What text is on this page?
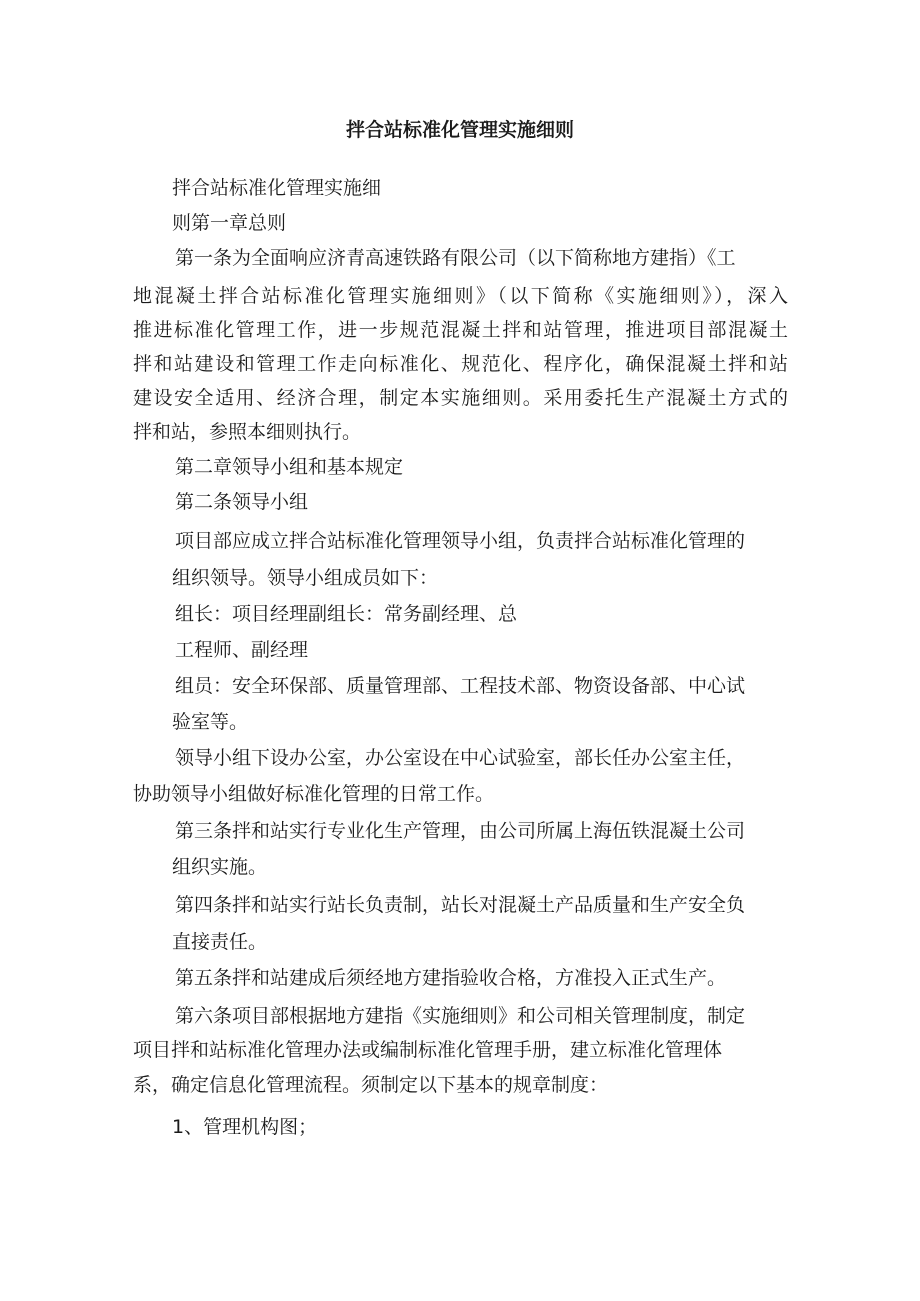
拌合站标准化管理实施细则

拌合站标准化管理实施细

则第一章总则

第一条为全面响应济青高速铁路有限公司（以下简称地方建指）《工

地混凝土拌合站标准化管理实施细则》（以下简称《实施细则》），深入

推进标准化管理工作，进一步规范混凝土拌和站管理，推进项目部混凝土

拌和站建设和管理工作走向标准化、规范化、程序化，确保混凝土拌和站

建设安全适用、经济合理，制定本实施细则。采用委托生产混凝土方式的

拌和站，参照本细则执行。

第二章领导小组和基本规定

第二条领导小组

项目部应成立拌合站标准化管理领导小组，负责拌合站标准化管理的

组织领导。领导小组成员如下：

组长：项目经理副组长：常务副经理、总

工程师、副经理

组员：安全环保部、质量管理部、工程技术部、物资设备部、中心试

验室等。

领导小组下设办公室，办公室设在中心试验室，部长任办公室主任，

协助领导小组做好标准化管理的日常工作。

第三条拌和站实行专业化生产管理，由公司所属上海伍铁混凝土公司

组织实施。

第四条拌和站实行站长负责制，站长对混凝土产品质量和生产安全负

直接责任。

第五条拌和站建成后须经地方建指验收合格，方准投入正式生产。

第六条项目部根据地方建指《实施细则》和公司相关管理制度，制定

项目拌和站标准化管理办法或编制标准化管理手册，建立标准化管理体

系，确定信息化管理流程。须制定以下基本的规章制度：

1、管理机构图；
